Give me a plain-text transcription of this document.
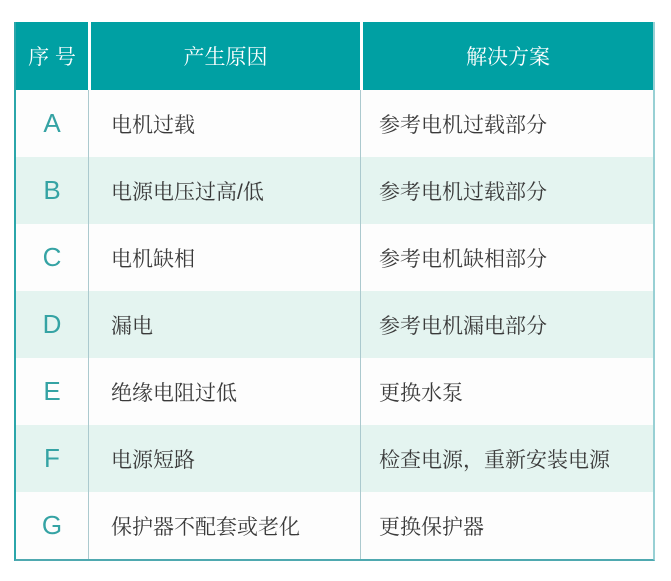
序 号	产生原因	解决方案
A	电机过载	参考电机过载部分
B	电源电压过高/低	参考电机过载部分
C	电机缺相	参考电机缺相部分
D	漏电	参考电机漏电部分
E	绝缘电阻过低	更换水泵
F	电源短路	检查电源，重新安装电源
G	保护器不配套或老化	更换保护器
